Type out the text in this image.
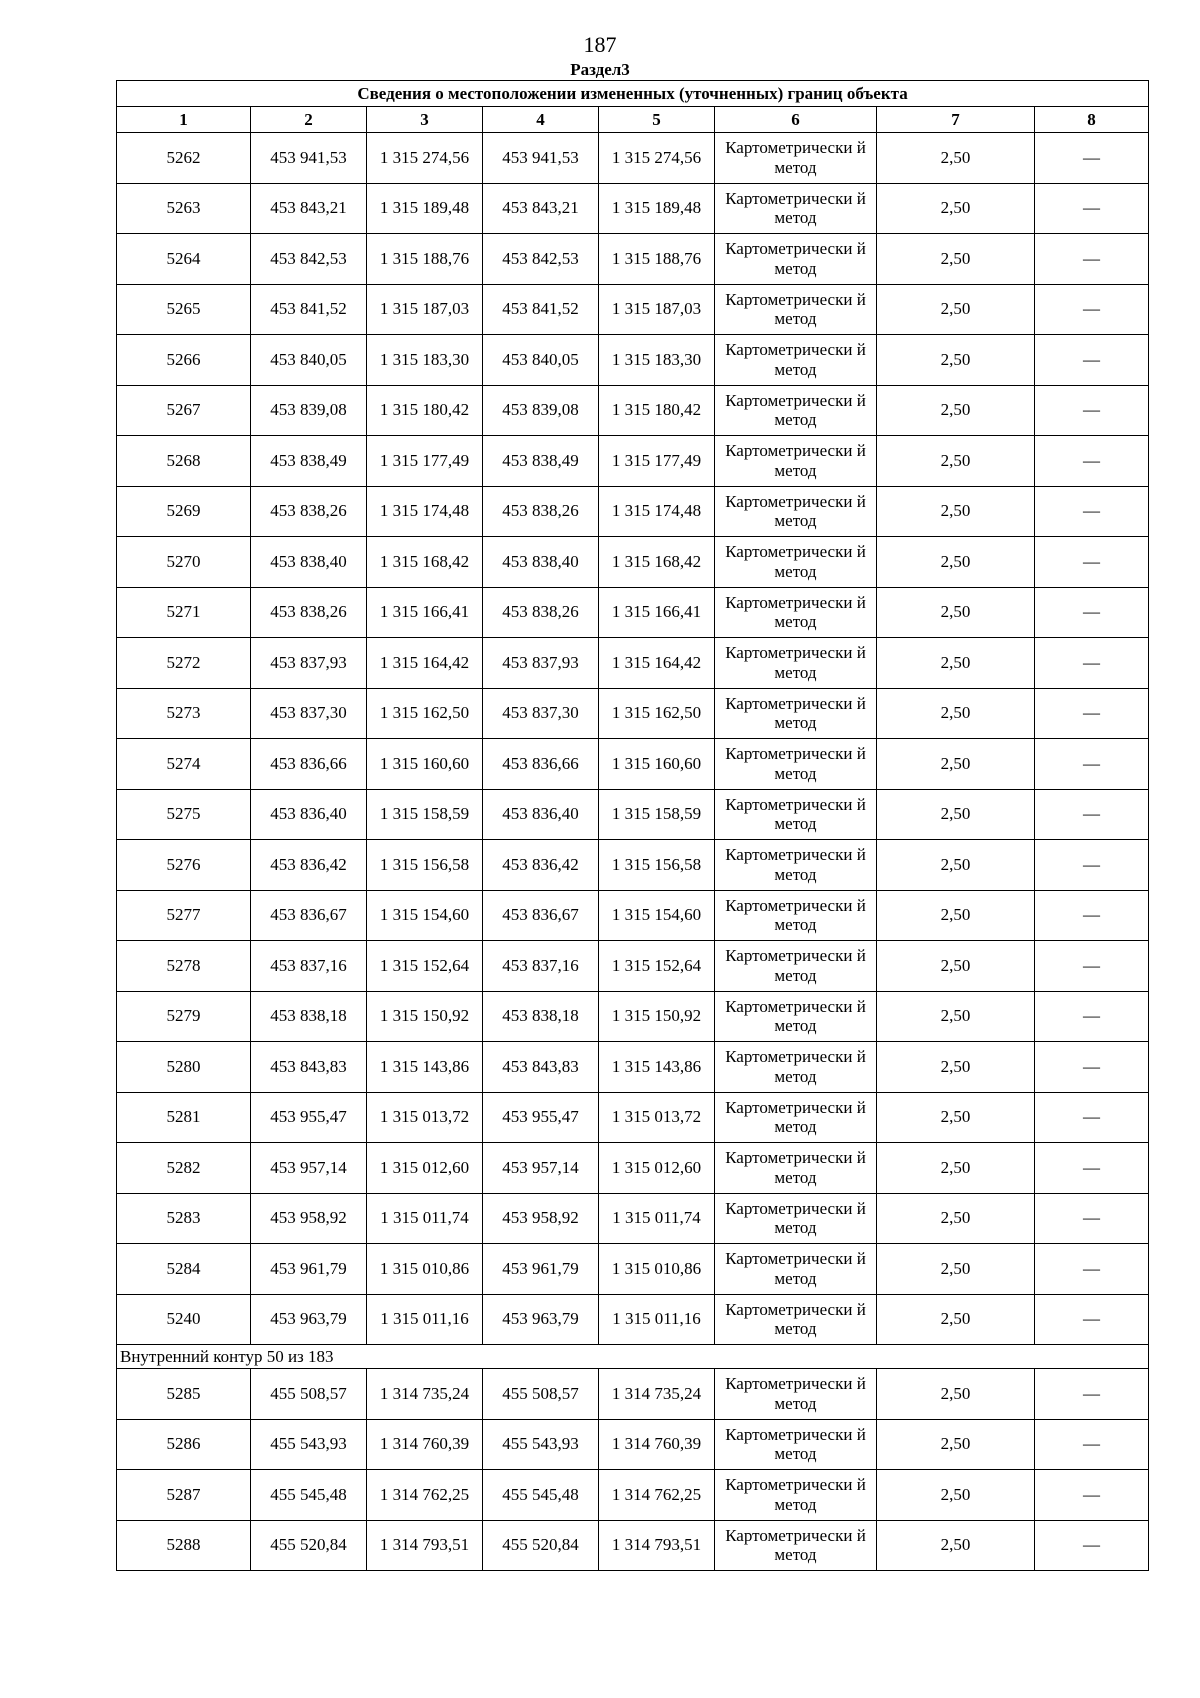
187
Раздел3
Сведения о местоположении измененных (уточненных) границ объекта							
1	2	3	4	5	6	7	8
5262	453 941,53	1 315 274,56	453 941,53	1 315 274,56	Картометрически й метод	2,50	—
5263	453 843,21	1 315 189,48	453 843,21	1 315 189,48	Картометрически й метод	2,50	—
5264	453 842,53	1 315 188,76	453 842,53	1 315 188,76	Картометрически й метод	2,50	—
5265	453 841,52	1 315 187,03	453 841,52	1 315 187,03	Картометрически й метод	2,50	—
5266	453 840,05	1 315 183,30	453 840,05	1 315 183,30	Картометрически й метод	2,50	—
5267	453 839,08	1 315 180,42	453 839,08	1 315 180,42	Картометрически й метод	2,50	—
5268	453 838,49	1 315 177,49	453 838,49	1 315 177,49	Картометрически й метод	2,50	—
5269	453 838,26	1 315 174,48	453 838,26	1 315 174,48	Картометрически й метод	2,50	—
5270	453 838,40	1 315 168,42	453 838,40	1 315 168,42	Картометрически й метод	2,50	—
5271	453 838,26	1 315 166,41	453 838,26	1 315 166,41	Картометрически й метод	2,50	—
5272	453 837,93	1 315 164,42	453 837,93	1 315 164,42	Картометрически й метод	2,50	—
5273	453 837,30	1 315 162,50	453 837,30	1 315 162,50	Картометрически й метод	2,50	—
5274	453 836,66	1 315 160,60	453 836,66	1 315 160,60	Картометрически й метод	2,50	—
5275	453 836,40	1 315 158,59	453 836,40	1 315 158,59	Картометрически й метод	2,50	—
5276	453 836,42	1 315 156,58	453 836,42	1 315 156,58	Картометрически й метод	2,50	—
5277	453 836,67	1 315 154,60	453 836,67	1 315 154,60	Картометрически й метод	2,50	—
5278	453 837,16	1 315 152,64	453 837,16	1 315 152,64	Картометрически й метод	2,50	—
5279	453 838,18	1 315 150,92	453 838,18	1 315 150,92	Картометрически й метод	2,50	—
5280	453 843,83	1 315 143,86	453 843,83	1 315 143,86	Картометрически й метод	2,50	—
5281	453 955,47	1 315 013,72	453 955,47	1 315 013,72	Картометрически й метод	2,50	—
5282	453 957,14	1 315 012,60	453 957,14	1 315 012,60	Картометрически й метод	2,50	—
5283	453 958,92	1 315 011,74	453 958,92	1 315 011,74	Картометрически й метод	2,50	—
5284	453 961,79	1 315 010,86	453 961,79	1 315 010,86	Картометрически й метод	2,50	—
5240	453 963,79	1 315 011,16	453 963,79	1 315 011,16	Картометрически й метод	2,50	—
Внутренний контур 50 из 183							
5285	455 508,57	1 314 735,24	455 508,57	1 314 735,24	Картометрически й метод	2,50	—
5286	455 543,93	1 314 760,39	455 543,93	1 314 760,39	Картометрически й метод	2,50	—
5287	455 545,48	1 314 762,25	455 545,48	1 314 762,25	Картометрически й метод	2,50	—
5288	455 520,84	1 314 793,51	455 520,84	1 314 793,51	Картометрически й метод	2,50	—
